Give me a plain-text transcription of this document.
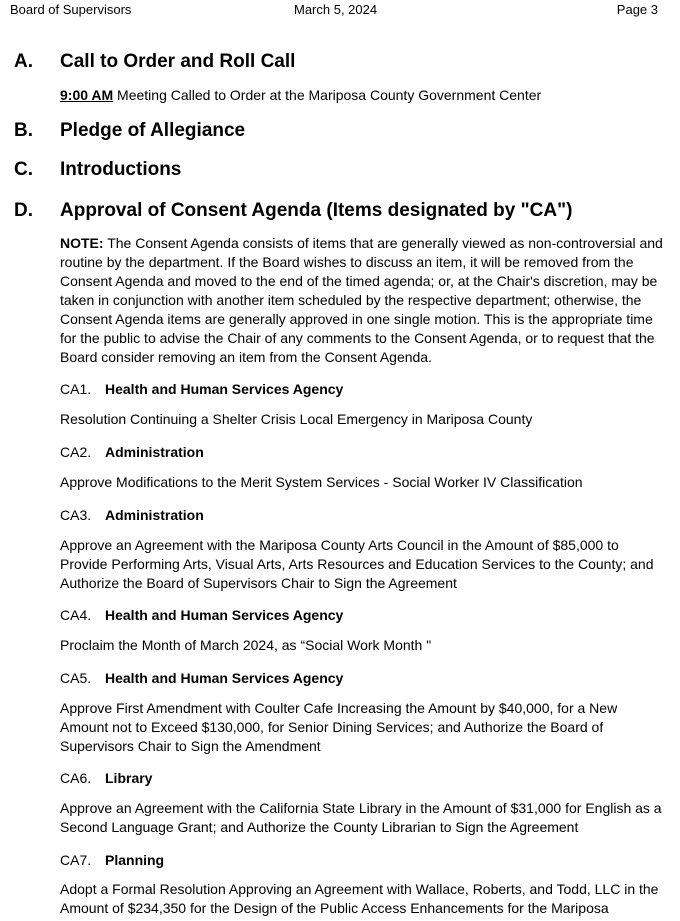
Board of Supervisors	March 5, 2024	Page 3
A. Call to Order and Roll Call
9:00 AM Meeting Called to Order at the Mariposa County Government Center
B. Pledge of Allegiance
C. Introductions
D. Approval of Consent Agenda (Items designated by "CA")
NOTE: The Consent Agenda consists of items that are generally viewed as non-controversial and routine by the department. If the Board wishes to discuss an item, it will be removed from the Consent Agenda and moved to the end of the timed agenda; or, at the Chair's discretion, may be taken in conjunction with another item scheduled by the respective department; otherwise, the Consent Agenda items are generally approved in one single motion. This is the appropriate time for the public to advise the Chair of any comments to the Consent Agenda, or to request that the Board consider removing an item from the Consent Agenda.
CA1. Health and Human Services Agency
Resolution Continuing a Shelter Crisis Local Emergency in Mariposa County
CA2. Administration
Approve Modifications to the Merit System Services - Social Worker IV Classification
CA3. Administration
Approve an Agreement with the Mariposa County Arts Council in the Amount of $85,000 to Provide Performing Arts, Visual Arts, Arts Resources and Education Services to the County; and Authorize the Board of Supervisors Chair to Sign the Agreement
CA4. Health and Human Services Agency
Proclaim the Month of March 2024, as “Social Work Month "
CA5. Health and Human Services Agency
Approve First Amendment with Coulter Cafe Increasing the Amount by $40,000, for a New Amount not to Exceed $130,000, for Senior Dining Services; and Authorize the Board of Supervisors Chair to Sign the Amendment
CA6. Library
Approve an Agreement with the California State Library in the Amount of $31,000 for English as a Second Language Grant; and Authorize the County Librarian to Sign the Agreement
CA7. Planning
Adopt a Formal Resolution Approving an Agreement with Wallace, Roberts, and Todd, LLC in the Amount of $234,350 for the Design of the Public Access Enhancements for the Mariposa
